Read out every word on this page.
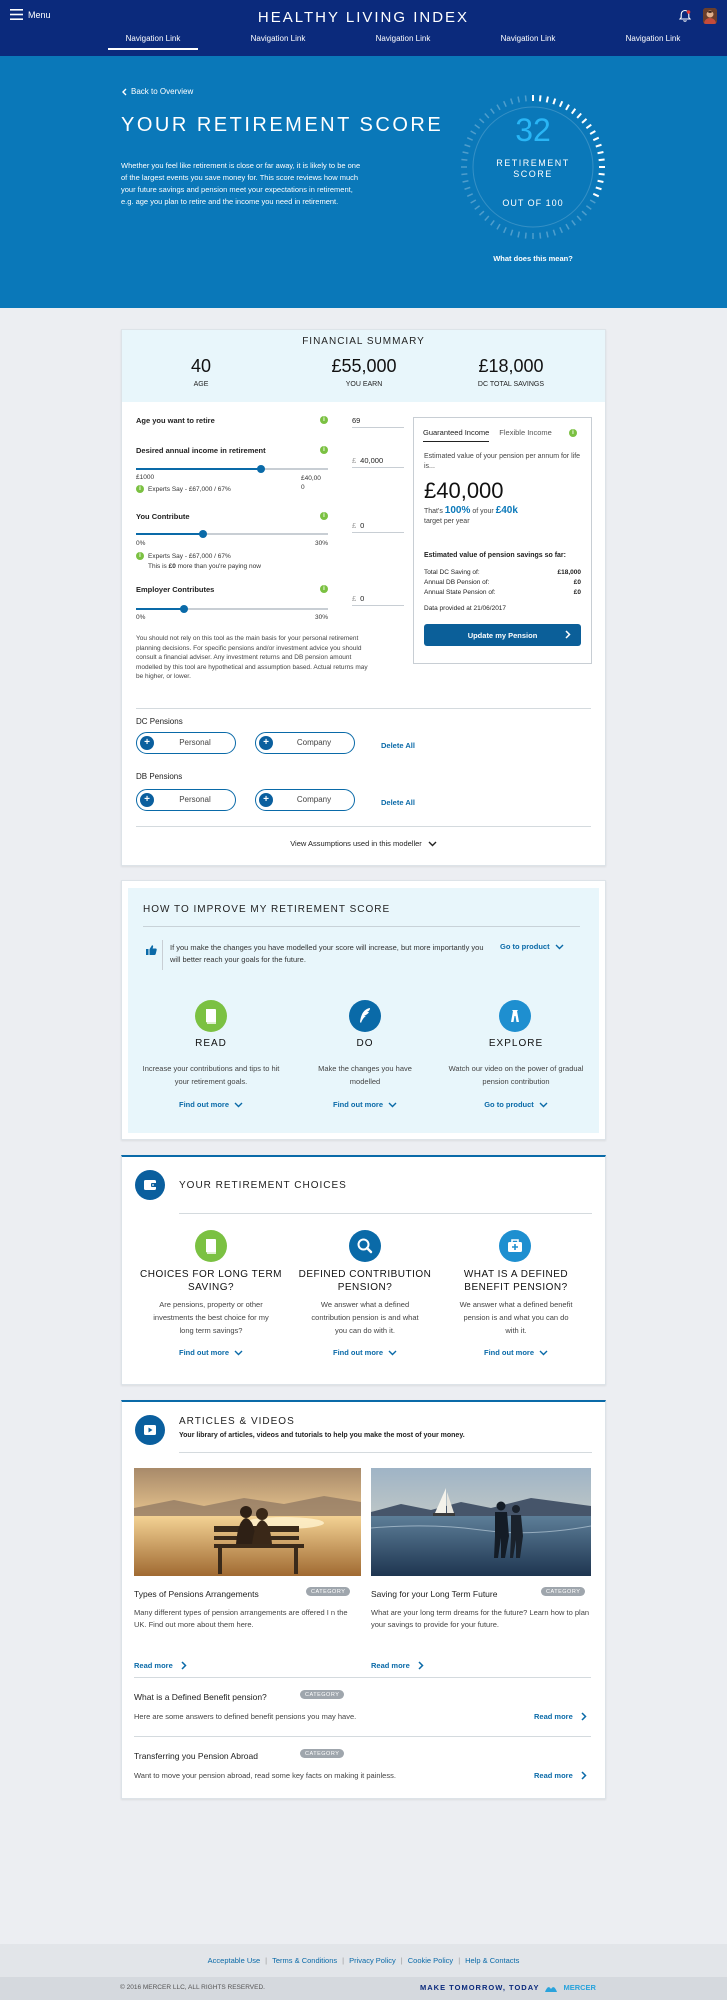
Menu	HEALTHY LIVING INDEX
Navigation Link	Navigation Link	Navigation Link	Navigation Link	Navigation Link
Back to Overview
YOUR RETIREMENT SCORE
Whether you feel like retirement is close or far away, it is likely to be one of the largest events you save money for. This score reviews how much your future savings and pension meet your expectations in retirement, e.g. age you plan to retire and the income you need in retirement.
32
RETIREMENT
SCORE
OUT OF 100
What does this mean?
FINANCIAL SUMMARY
40
AGE
£55,000
YOU EARN
£18,000
DC TOTAL SAVINGS
Age you want to retire	i	69
Desired annual income in retirement	i
£1000	£40,00
0
i	Experts Say - £67,000 / 67%
£ 40,000
You Contribute	i
0%	30%
i	Experts Say - £67,000 / 67%
This is £0 more than you're paying now
£ 0
Employer Contributes	i
0%	30%
£ 0
You should not rely on this tool as the main basis for your personal retirement planning decisions. For specific pensions and/or investment advice you should consult a financial adviser. Any investment returns and DB pension amount modelled by this tool are hypothetical and assumption based. Actual returns may be higher, or lower.
Guaranteed Income Flexible Income	i
Estimated value of your pension per annum for life is...
£40,000
That's 100% of your £40k
target per year
Estimated value of pension savings so far:
Total DC Saving of:	£18,000
Annual DB Pension of:	£0
Annual State Pension of:	£0
Data provided at 21/06/2017
Update my Pension
DC Pensions
+	Personal	+	Company	Delete All
DB Pensions
+	Personal	+	Company	Delete All
View Assumptions used in this modeller
HOW TO IMPROVE MY RETIREMENT SCORE
If you make the changes you have modelled your score will increase, but more importantly you will better reach your goals for the future.
Go to product
READ	DO	EXPLORE
Increase your contributions and tips to hit your retirement goals.
Make the changes you have modelled
Watch our video on the power of gradual pension contribution
Find out more	Find out more	Go to product
YOUR RETIREMENT CHOICES
CHOICES FOR LONG TERM SAVING?
DEFINED CONTRIBUTION PENSION?
WHAT IS A DEFINED BENEFIT PENSION?
Are pensions, property or other investments the best choice for my long term savings?
We answer what a defined contribution pension is and what you can do with it.
We answer what a defined benefit pension is and what you can do with it.
Find out more	Find out more	Find out more
ARTICLES & VIDEOS
Your library of articles, videos and tutorials to help you make the most of your money.
Types of Pensions Arrangements	CATEGORY
Many different types of pension arrangements are offered I n the UK. Find out more about them here.
Read more
Saving for your Long Term Future	CATEGORY
What are your long term dreams for the future? Learn how to plan your savings to provide for your future.
Read more
What is a Defined Benefit pension?	CATEGORY
Here are some answers to defined benefit pensions you may have.	Read more
Transferring you Pension Abroad	CATEGORY
Want to move your pension abroad, read some key facts on making it painless.	Read more
Acceptable Use | Terms & Conditions | Privacy Policy | Cookie Policy | Help & Contacts
© 2016 MERCER LLC, ALL RIGHTS RESERVED.	MAKE TOMORROW, TODAY	MERCER
